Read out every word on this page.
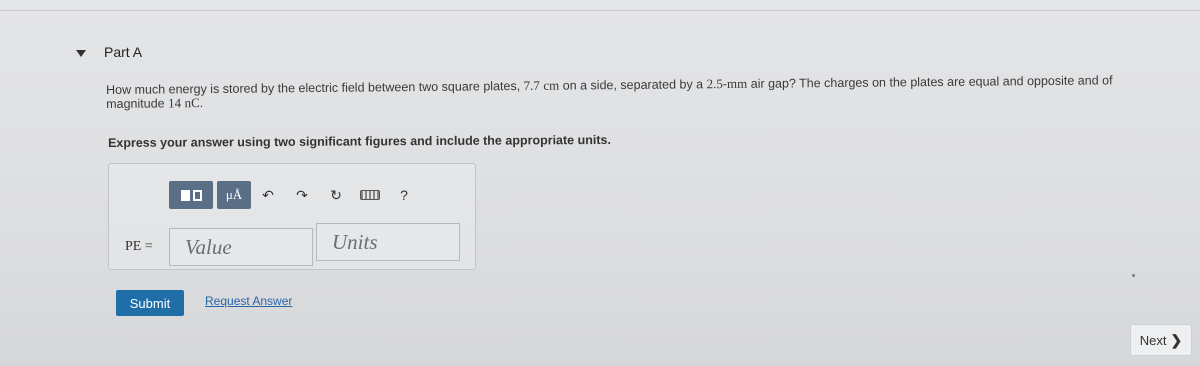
Part A
How much energy is stored by the electric field between two square plates, 7.7 cm on a side, separated by a 2.5-mm air gap? The charges on the plates are equal and opposite and of magnitude 14 nC.
Express your answer using two significant figures and include the appropriate units.
μÅ	↶	↷	↻	?
PE =	Value	Units
Submit	Request Answer
Next ❯
